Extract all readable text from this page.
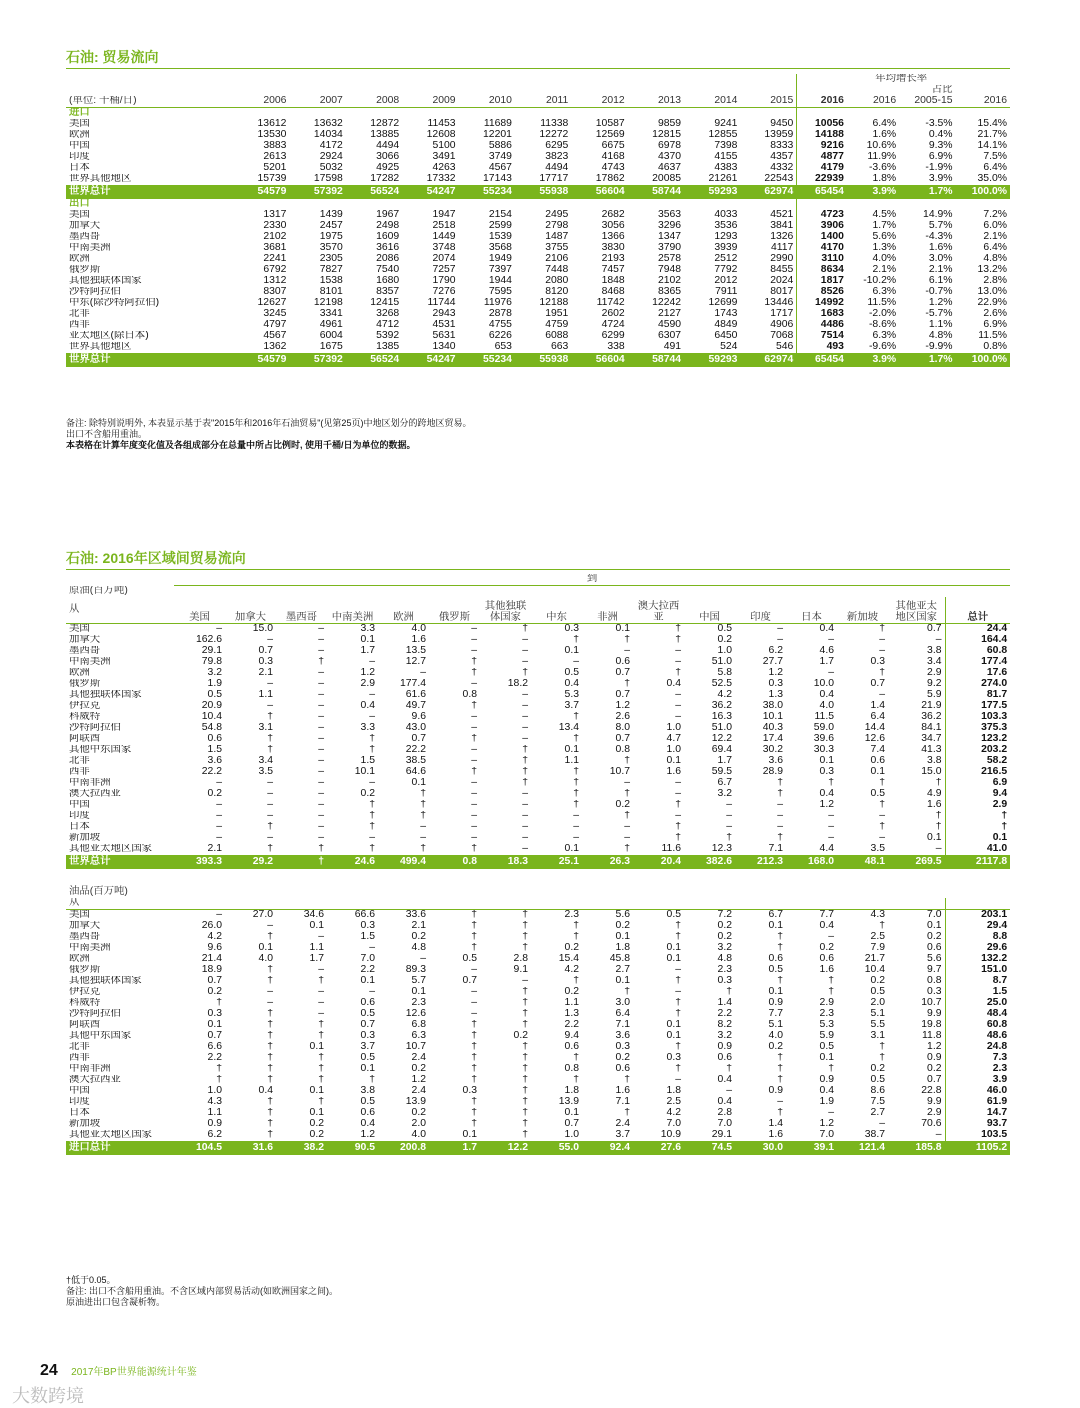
石油: 贸易流向
												年均增长率		
													占比	
(单位: 千桶/日)	2006	2007	2008	2009	2010	2011	2012	2013	2014	2015	2016	2016	2005-15	2016
进口														
美国	13612	13632	12872	11453	11689	11338	10587	9859	9241	9450	10056	6.4%	-3.5%	15.4%
欧洲	13530	14034	13885	12608	12201	12272	12569	12815	12855	13959	14188	1.6%	0.4%	21.7%
中国	3883	4172	4494	5100	5886	6295	6675	6978	7398	8333	9216	10.6%	9.3%	14.1%
印度	2613	2924	3066	3491	3749	3823	4168	4370	4155	4357	4877	11.9%	6.9%	7.5%
日本	5201	5032	4925	4263	4567	4494	4743	4637	4383	4332	4179	-3.6%	-1.9%	6.4%
世界其他地区	15739	17598	17282	17332	17143	17717	17862	20085	21261	22543	22939	1.8%	3.9%	35.0%
世界总计	54579	57392	56524	54247	55234	55938	56604	58744	59293	62974	65454	3.9%	1.7%	100.0%
出口														
美国	1317	1439	1967	1947	2154	2495	2682	3563	4033	4521	4723	4.5%	14.9%	7.2%
加拿大	2330	2457	2498	2518	2599	2798	3056	3296	3536	3841	3906	1.7%	5.7%	6.0%
墨西哥	2102	1975	1609	1449	1539	1487	1366	1347	1293	1326	1400	5.6%	-4.3%	2.1%
中南美洲	3681	3570	3616	3748	3568	3755	3830	3790	3939	4117	4170	1.3%	1.6%	6.4%
欧洲	2241	2305	2086	2074	1949	2106	2193	2578	2512	2990	3110	4.0%	3.0%	4.8%
俄罗斯	6792	7827	7540	7257	7397	7448	7457	7948	7792	8455	8634	2.1%	2.1%	13.2%
其他独联体国家	1312	1538	1680	1790	1944	2080	1848	2102	2012	2024	1817	-10.2%	6.1%	2.8%
沙特阿拉伯	8307	8101	8357	7276	7595	8120	8468	8365	7911	8017	8526	6.3%	-0.7%	13.0%
中东(除沙特阿拉伯)	12627	12198	12415	11744	11976	12188	11742	12242	12699	13446	14992	11.5%	1.2%	22.9%
北非	3245	3341	3268	2943	2878	1951	2602	2127	1743	1717	1683	-2.0%	-5.7%	2.6%
西非	4797	4961	4712	4531	4755	4759	4724	4590	4849	4906	4486	-8.6%	1.1%	6.9%
亚太地区(除日本)	4567	6004	5392	5631	6226	6088	6299	6307	6450	7068	7514	6.3%	4.8%	11.5%
世界其他地区	1362	1675	1385	1340	653	663	338	491	524	546	493	-9.6%	-9.9%	0.8%
世界总计	54579	57392	56524	54247	55234	55938	56604	58744	59293	62974	65454	3.9%	1.7%	100.0%
备注: 除特别说明外, 本表显示基于表"2015年和2016年石油贸易"(见第25页)中地区划分的跨地区贸易。
出口不含船用重油。
本表格在计算年度变化值及各组成部分在总量中所占比例时, 使用千桶/日为单位的数据。
石油: 2016年区域间贸易流向
	到															
原油(百万吨)																
从	美国	加拿大	墨西哥	中南美洲	欧洲	俄罗斯	其他独联体国家	中东	非洲	澳大拉西亚	中国	印度	日本	新加坡	其他亚太地区国家	总计
美国	–	15.0	–	3.3	4.0	–	†	0.3	0.1	†	0.5	–	0.4	†	0.7	24.4
加拿大	162.6	–	–	0.1	1.6	–	–	†	†	†	0.2	–	–	–	–	164.4
墨西哥	29.1	0.7	–	1.7	13.5	–	–	0.1	–	–	1.0	6.2	4.6	–	3.8	60.8
中南美洲	79.8	0.3	†	–	12.7	†	–	–	0.6	–	51.0	27.7	1.7	0.3	3.4	177.4
欧洲	3.2	2.1	–	1.2	–	†	†	0.5	0.7	†	5.8	1.2	–	†	2.9	17.6
俄罗斯	1.9	–	–	2.9	177.4	–	18.2	0.4	†	0.4	52.5	0.3	10.0	0.7	9.2	274.0
其他独联体国家	0.5	1.1	–	–	61.6	0.8	–	5.3	0.7	–	4.2	1.3	0.4	–	5.9	81.7
伊拉克	20.9	–	–	0.4	49.7	†	–	3.7	1.2	–	36.2	38.0	4.0	1.4	21.9	177.5
科威特	10.4	†	–	–	9.6	–	–	†	2.6	–	16.3	10.1	11.5	6.4	36.2	103.3
沙特阿拉伯	54.8	3.1	–	3.3	43.0	–	–	13.4	8.0	1.0	51.0	40.3	59.0	14.4	84.1	375.3
阿联酋	0.6	†	–	†	0.7	†	–	†	0.7	4.7	12.2	17.4	39.6	12.6	34.7	123.2
其他中东国家	1.5	†	–	†	22.2	–	†	0.1	0.8	1.0	69.4	30.2	30.3	7.4	41.3	203.2
北非	3.6	3.4	–	1.5	38.5	–	†	1.1	†	0.1	1.7	3.6	0.1	0.6	3.8	58.2
西非	22.2	3.5	–	10.1	64.6	†	†	†	10.7	1.6	59.5	28.9	0.3	0.1	15.0	216.5
中南非洲	–	–	–	–	0.1	–	†	†	–	–	6.7	†	†	†	†	6.9
澳大拉西亚	0.2	–	–	0.2	†	–	–	†	†	–	3.2	†	0.4	0.5	4.9	9.4
中国	–	–	–	†	†	–	–	†	0.2	†	–	–	1.2	†	1.6	2.9
印度	–	–	–	†	†	–	–	–	†	–	–	–	–	–	†	†
日本	–	†	–	†	–	–	–	–	–	†	–	–	–	†	†	†
新加坡	–	–	–	–	–	–	–	–	–	†	†	†	–	–	0.1	0.1
其他亚太地区国家	2.1	†	†	†	†	†	–	0.1	†	11.6	12.3	7.1	4.4	3.5	–	41.0
世界总计	393.3	29.2	†	24.6	499.4	0.8	18.3	25.1	26.3	20.4	382.6	212.3	168.0	48.1	269.5	2117.8
油品(百万吨)																
从																
美国	–	27.0	34.6	66.6	33.6	†	†	2.3	5.6	0.5	7.2	6.7	7.7	4.3	7.0	203.1
加拿大	26.0	–	0.1	0.3	2.1	†	†	†	0.2	†	0.2	0.1	0.4	†	0.1	29.4
墨西哥	4.2	†	–	1.5	0.2	†	†	†	0.1	†	0.2	†	–	2.5	0.2	8.8
中南美洲	9.6	0.1	1.1	–	4.8	†	†	0.2	1.8	0.1	3.2	†	0.2	7.9	0.6	29.6
欧洲	21.4	4.0	1.7	7.0	–	0.5	2.8	15.4	45.8	0.1	4.8	0.6	0.6	21.7	5.6	132.2
俄罗斯	18.9	†	–	2.2	89.3	–	9.1	4.2	2.7	–	2.3	0.5	1.6	10.4	9.7	151.0
其他独联体国家	0.7	†	†	0.1	5.7	0.7	–	†	0.1	†	0.3	†	†	0.2	0.8	8.7
伊拉克	0.2	–	–	–	0.1	–	†	0.2	†	–	†	0.1	†	0.5	0.3	1.5
科威特	†	–	–	0.6	2.3	–	†	1.1	3.0	†	1.4	0.9	2.9	2.0	10.7	25.0
沙特阿拉伯	0.3	†	–	0.5	12.6	–	†	1.3	6.4	†	2.2	7.7	2.3	5.1	9.9	48.4
阿联酋	0.1	†	†	0.7	6.8	†	†	2.2	7.1	0.1	8.2	5.1	5.3	5.5	19.8	60.8
其他中东国家	0.7	†	†	0.3	6.3	†	0.2	9.4	3.6	0.1	3.2	4.0	5.9	3.1	11.8	48.6
北非	6.6	†	0.1	3.7	10.7	†	†	0.6	0.3	†	0.9	0.2	0.5	†	1.2	24.8
西非	2.2	†	†	0.5	2.4	†	†	†	0.2	0.3	0.6	†	0.1	†	0.9	7.3
中南非洲	†	†	†	0.1	0.2	†	†	0.8	0.6	†	†	†	†	0.2	0.2	2.3
澳大拉西亚	†	†	†	†	1.2	†	†	†	†	–	0.4	†	0.9	0.5	0.7	3.9
中国	1.0	0.4	0.1	3.8	2.4	0.3	†	1.8	1.6	1.8	–	0.9	0.4	8.6	22.8	46.0
印度	4.3	†	†	0.5	13.9	†	†	13.9	7.1	2.5	0.4	–	1.9	7.5	9.9	61.9
日本	1.1	†	0.1	0.6	0.2	†	†	0.1	†	4.2	2.8	†	–	2.7	2.9	14.7
新加坡	0.9	†	0.2	0.4	2.0	†	†	0.7	2.4	7.0	7.0	1.4	1.2	–	70.6	93.7
其他亚太地区国家	6.2	†	0.2	1.2	4.0	0.1	†	1.0	3.7	10.9	29.1	1.6	7.0	38.7	–	103.5
进口总计	104.5	31.6	38.2	90.5	200.8	1.7	12.2	55.0	92.4	27.6	74.5	30.0	39.1	121.4	185.8	1105.2
†低于0.05。
备注: 出口不含船用重油。不含区域内部贸易活动(如欧洲国家之间)。
原油进出口包含凝析物。
24 2017年BP世界能源统计年鉴
大数跨境
